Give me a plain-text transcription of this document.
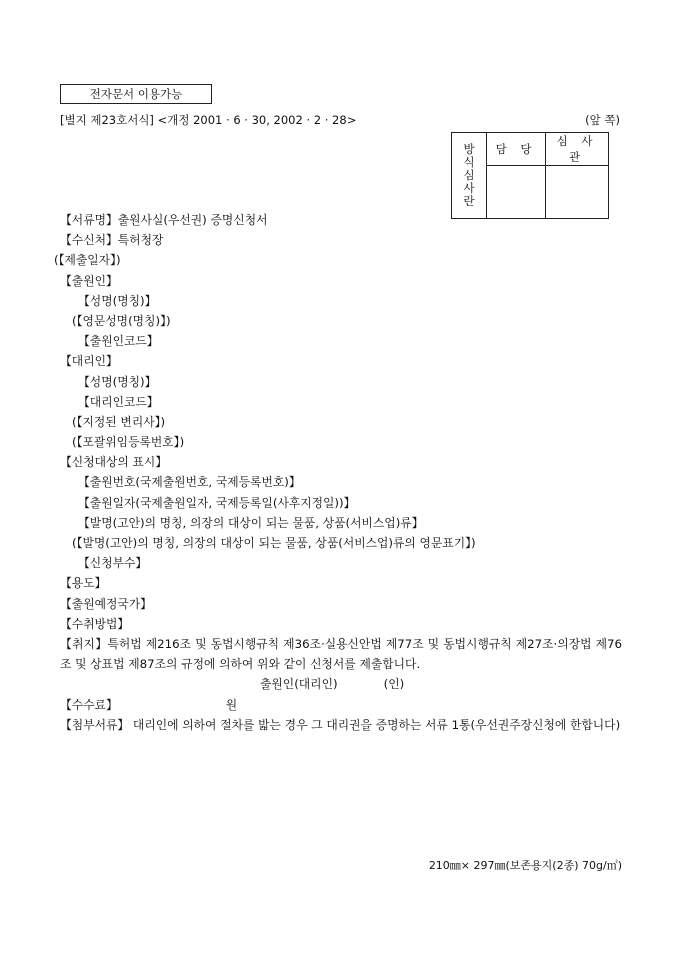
전자문서 이용가능
[별지 제23호서식] <개정 2001 · 6 · 30, 2002 · 2 · 28>	(앞 쪽)
방
식
심
사
란	담 당	심 사 관

【서류명】출원사실(우선권) 증명신청서
【수신처】특허청장
(【제출일자】)
【출원인】
【성명(명칭)】
(【영문성명(명칭)】)
【출원인코드】
【대리인】
【성명(명칭)】
【대리인코드】
(【지정된 변리사】)
(【포괄위임등록번호】)
【신청대상의 표시】
【출원번호(국제출원번호, 국제등록번호)】
【출원일자(국제출원일자, 국제등록일(사후지정일))】
【발명(고안)의 명칭, 의장의 대상이 되는 물품, 상품(서비스업)류】
(【발명(고안)의 명칭, 의장의 대상이 되는 물품, 상품(서비스업)류의 영문표기】)
【신청부수】
【용도】
【출원예정국가】
【수취방법】
【취지】특허법 제216조 및 동법시행규칙 제36조·실용신안법 제77조 및 동법시행규칙 제27조·의장법 제76조 및 상표법 제87조의 규정에 의하여 위와 같이 신청서를 제출합니다.
출원인(대리인)	(인)
【수수료】	원
【첨부서류】 대리인에 의하여 절차를 밟는 경우 그 대리권을 증명하는 서류 1통(우선권주장신청에 한합니다)
210㎜× 297㎜(보존용지(2종) 70g/㎡)
